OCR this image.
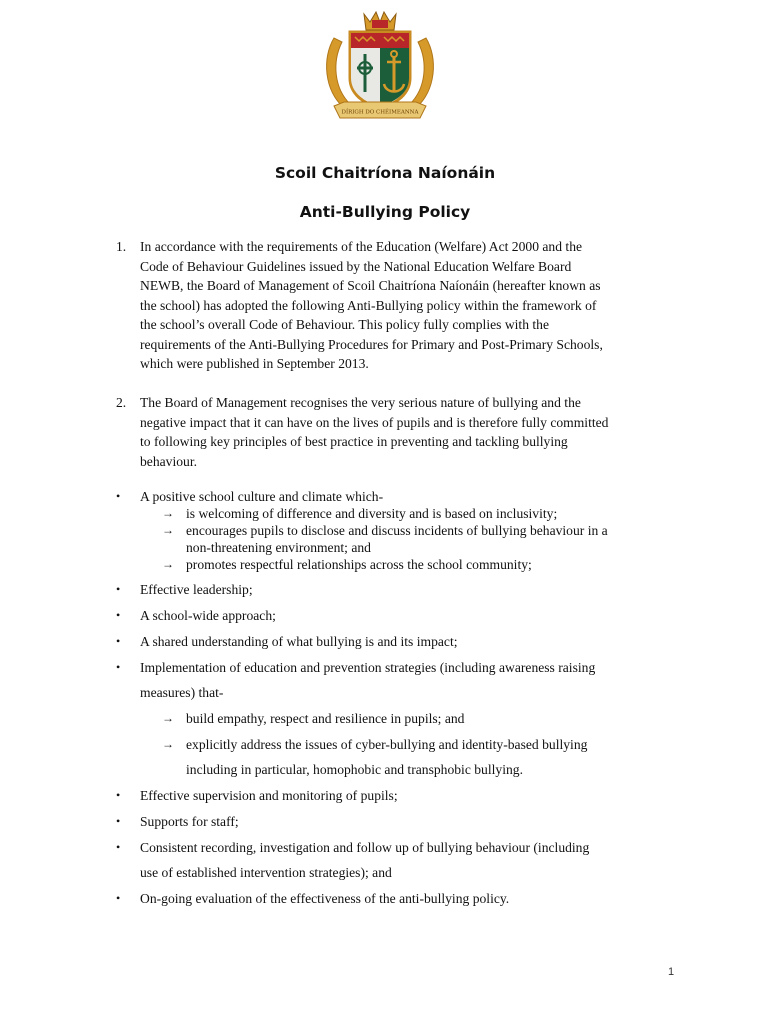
DÍRIGH DO CHÉIMEANNA
Scoil Chaitríona Naíonáin
Anti-Bullying Policy
1. In accordance with the requirements of the Education (Welfare) Act 2000 and the
Code of Behaviour Guidelines issued by the National Education Welfare Board
NEWB, the Board of Management of Scoil Chaitríona Naíonáin (hereafter known as
the school) has adopted the following Anti-Bullying policy within the framework of
the school’s overall Code of Behaviour. This policy fully complies with the
requirements of the Anti-Bullying Procedures for Primary and Post-Primary Schools,
which were published in September 2013.
2. The Board of Management recognises the very serious nature of bullying and the
negative impact that it can have on the lives of pupils and is therefore fully committed
to following key principles of best practice in preventing and tackling bullying
behaviour.
• A positive school culture and climate which-
→ is welcoming of difference and diversity and is based on inclusivity;
→ encourages pupils to disclose and discuss incidents of bullying behaviour in a
non-threatening environment; and
→ promotes respectful relationships across the school community;
• Effective leadership;
• A school-wide approach;
• A shared understanding of what bullying is and its impact;
• Implementation of education and prevention strategies (including awareness raising
measures) that-
→ build empathy, respect and resilience in pupils; and
→ explicitly address the issues of cyber-bullying and identity-based bullying
including in particular, homophobic and transphobic bullying.
• Effective supervision and monitoring of pupils;
• Supports for staff;
• Consistent recording, investigation and follow up of bullying behaviour (including
use of established intervention strategies); and
• On-going evaluation of the effectiveness of the anti-bullying policy.
1
